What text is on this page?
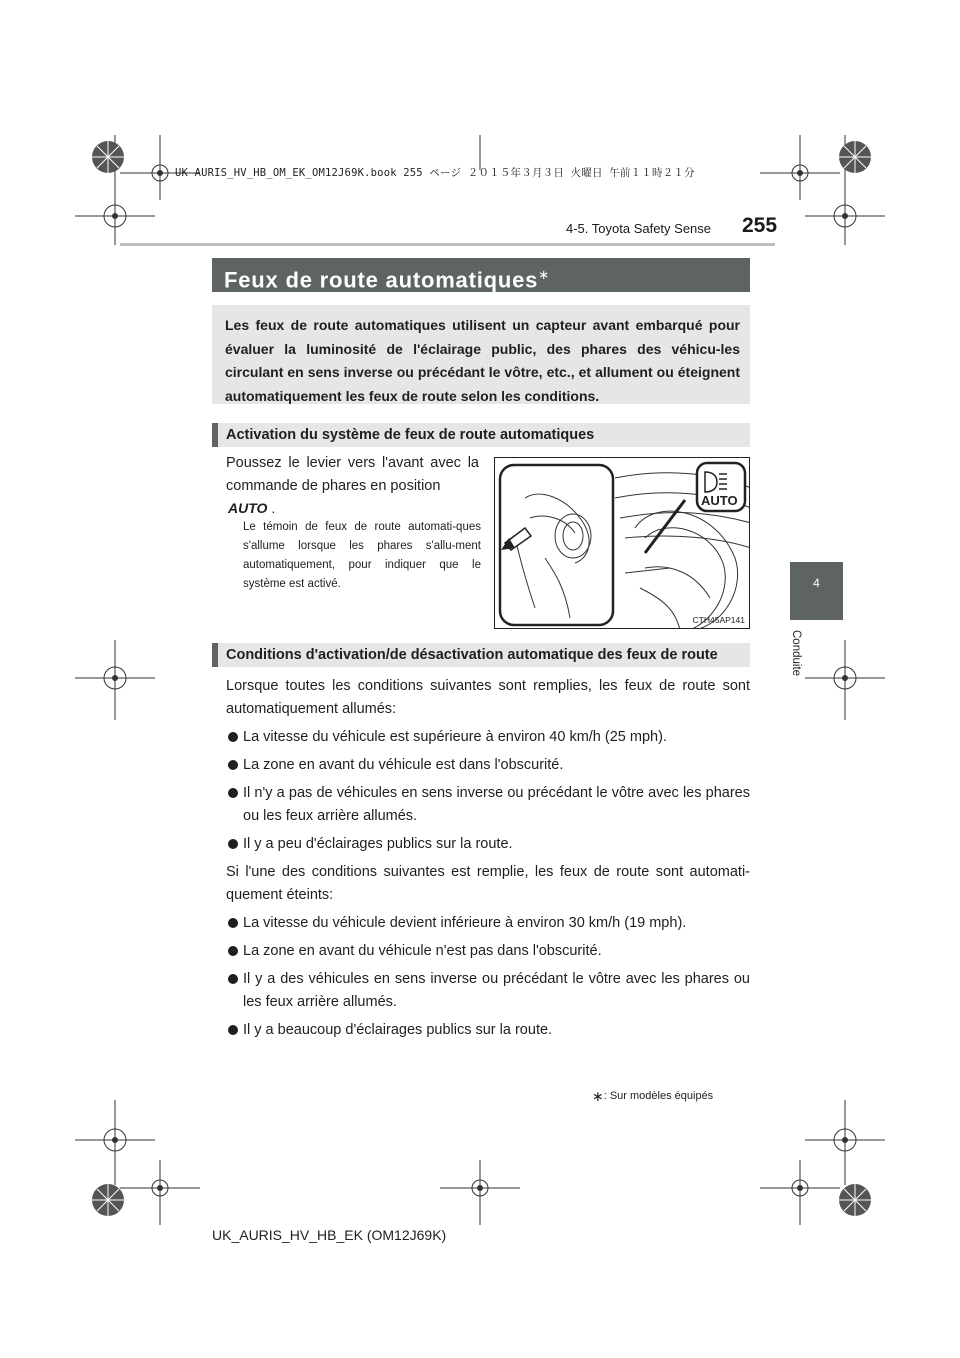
UK AURIS_HV_HB_OM_EK_OM12J69K.book 255 ページ ２０１５年３月３日 火曜日 午前１１時２１分
255
4-5. Toyota Safety Sense
Feux de route automatiques∗
Les feux de route automatiques utilisent un capteur avant embarqué pour évaluer la luminosité de l'éclairage public, des phares des véhicu-les circulant en sens inverse ou précédant le vôtre, etc., et allument ou éteignent automatiquement les feux de route selon les conditions.
Activation du système de feux de route automatiques
Poussez le levier vers l'avant avec la commande de phares en position
AUTO .
Le témoin de feux de route automati-ques s'allume lorsque les phares s'allu-ment automatiquement, pour indiquer que le système est activé.
AUTO
CTH45AP141
Conditions d'activation/de désactivation automatique des feux de route

Lorsque toutes les conditions suivantes sont remplies, les feux de route sont automatiquement allumés:

La vitesse du véhicule est supérieure à environ 40 km/h (25 mph).

La zone en avant du véhicule est dans l'obscurité.

Il n'y a pas de véhicules en sens inverse ou précédant le vôtre avec les phares ou les feux arrière allumés.

Il y a peu d'éclairages publics sur la route.

Si l'une des conditions suivantes est remplie, les feux de route sont automati-quement éteints:

La vitesse du véhicule devient inférieure à environ 30 km/h (19 mph).

La zone en avant du véhicule n'est pas dans l'obscurité.

Il y a des véhicules en sens inverse ou précédant le vôtre avec les phares ou les feux arrière allumés.

Il y a beaucoup d'éclairages publics sur la route.

∗: Sur modèles équipés
UK_AURIS_HV_HB_EK (OM12J69K)
4
Conduite
